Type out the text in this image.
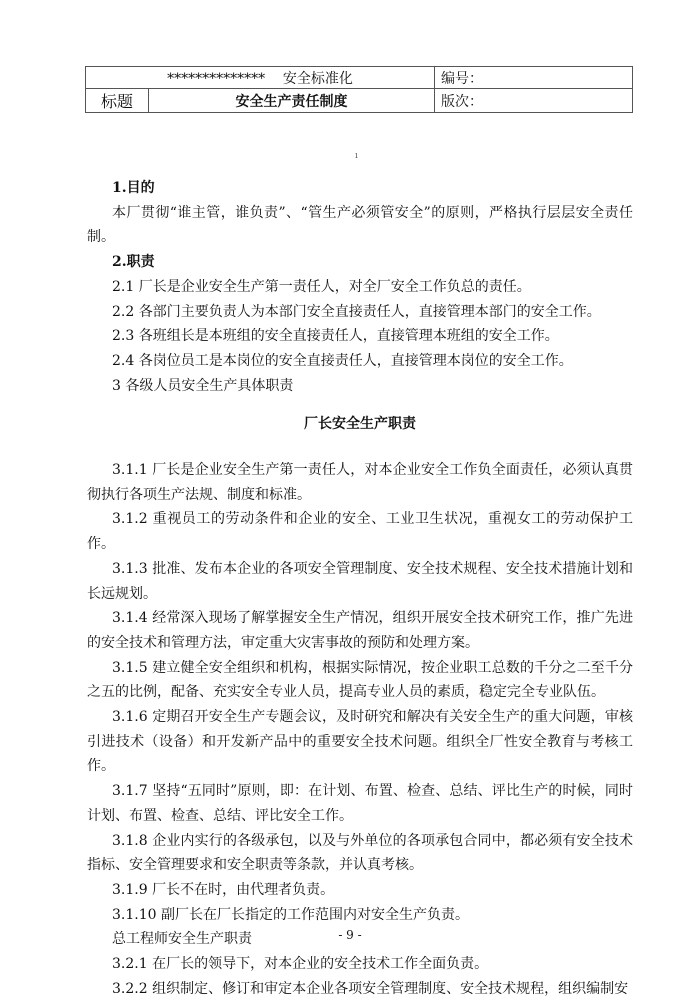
**************    安全标准化		编号：
标题	安全生产责任制度	版次：
ı

1.目的

本厂贯彻“谁主管，谁负责”、“管生产必须管安全”的原则，严格执行层层安全责任制。

2.职责

2.1 厂长是企业安全生产第一责任人，对全厂安全工作负总的责任。

2.2 各部门主要负责人为本部门安全直接责任人，直接管理本部门的安全工作。

2.3 各班组长是本班组的安全直接责任人，直接管理本班组的安全工作。

2.4 各岗位员工是本岗位的安全直接责任人，直接管理本岗位的安全工作。

3 各级人员安全生产具体职责

厂长安全生产职责

3.1.1 厂长是企业安全生产第一责任人，对本企业安全工作负全面责任，必须认真贯彻执行各项生产法规、制度和标准。

3.1.2 重视员工的劳动条件和企业的安全、工业卫生状况，重视女工的劳动保护工作。

3.1.3 批准、发布本企业的各项安全管理制度、安全技术规程、安全技术措施计划和长远规划。

3.1.4 经常深入现场了解掌握安全生产情况，组织开展安全技术研究工作，推广先进的安全技术和管理方法，审定重大灾害事故的预防和处理方案。

3.1.5 建立健全安全组织和机构，根据实际情况，按企业职工总数的千分之二至千分之五的比例，配备、充实安全专业人员，提高专业人员的素质，稳定完全专业队伍。

3.1.6 定期召开安全生产专题会议，及时研究和解决有关安全生产的重大问题，审核引进技术（设备）和开发新产品中的重要安全技术问题。组织全厂性安全教育与考核工作。

3.1.7 坚持“五同时”原则，即：在计划、布置、检查、总结、评比生产的时候，同时计划、布置、检查、总结、评比安全工作。

3.1.8 企业内实行的各级承包，以及与外单位的各项承包合同中，都必须有安全技术指标、安全管理要求和安全职责等条款，并认真考核。

3.1.9 厂长不在时，由代理者负责。

3.1.10 副厂长在厂长指定的工作范围内对安全生产负责。

总工程师安全生产职责

3.2.1 在厂长的领导下，对本企业的安全技术工作全面负责。

3.2.2 组织制定、修订和审定本企业各项安全管理制度、安全技术规程，组织编制安

- 9 -
